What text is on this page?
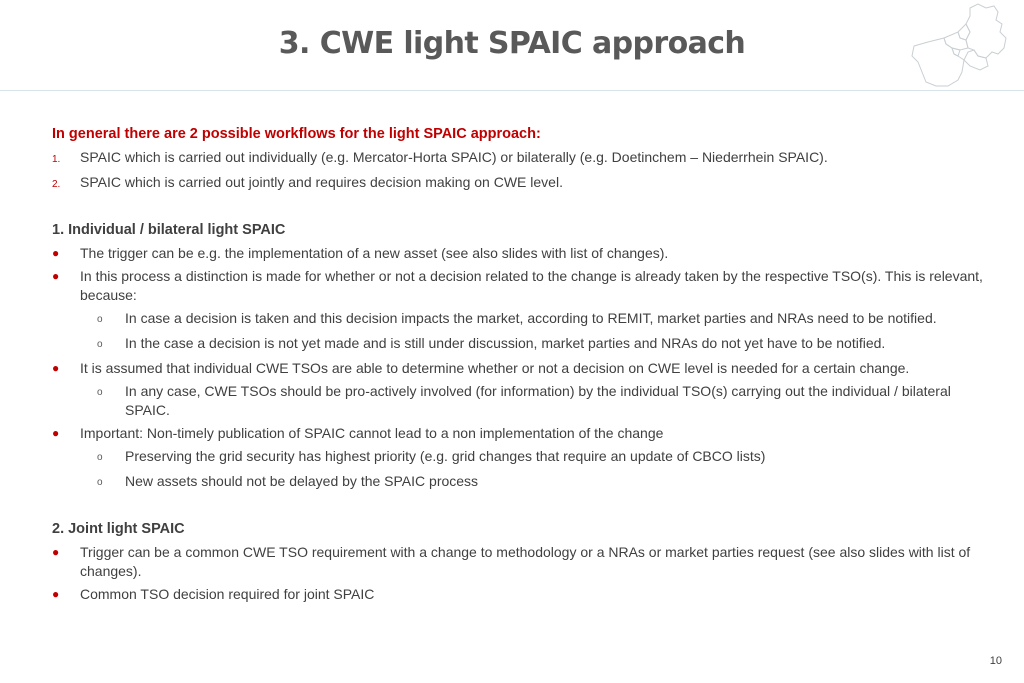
3. CWE light SPAIC approach
In general there are 2 possible workflows for the light SPAIC approach:
1.	SPAIC which is carried out individually (e.g. Mercator-Horta SPAIC) or bilaterally (e.g. Doetinchem – Niederrhein SPAIC).
2.	SPAIC which is carried out jointly and requires decision making on CWE level.
1. Individual / bilateral light SPAIC
●	The trigger can be e.g. the implementation of a new asset (see also slides with list of changes).
●	In this process a distinction is made for whether or not a decision related to the change is already taken by the respective TSO(s). This is relevant, because:
o	In case a decision is taken and this decision impacts the market, according to REMIT, market parties and NRAs need to be notified.
o	In the case a decision is not yet made and is still under discussion, market parties and NRAs do not yet have to be notified.
●	It is assumed that individual CWE TSOs are able to determine whether or not a decision on CWE level is needed for a certain change.
o	In any case, CWE TSOs should be pro-actively involved (for information) by the individual TSO(s) carrying out the individual / bilateral SPAIC.
●	Important: Non-timely publication of SPAIC cannot lead to a non implementation of the change
o	Preserving the grid security has highest priority (e.g. grid changes that require an update of CBCO lists)
o	New assets should not be delayed by the SPAIC process
2. Joint light SPAIC
●	Trigger can be a common CWE TSO requirement with a change to methodology or a NRAs or market parties request (see also slides with list of changes).
●	Common TSO decision required for joint SPAIC
10
